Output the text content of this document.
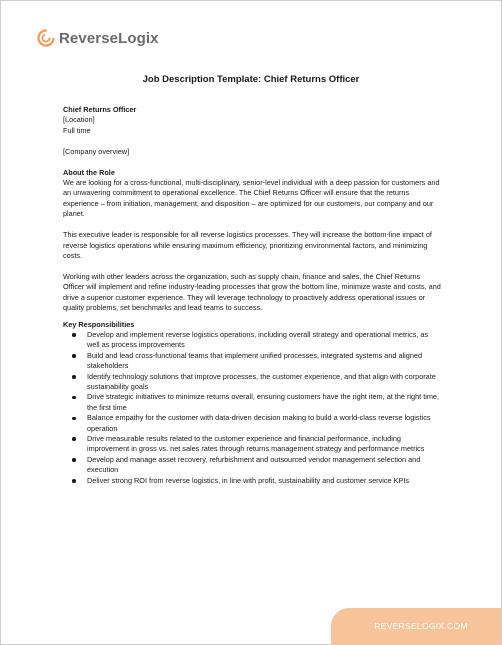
ReverseLogix
Job Description Template: Chief Returns Officer

Chief Returns Officer

[Location]

Full time

[Company overview]

About the Role

We are looking for a cross-functional, multi-disciplinary, senior-level individual with a deep passion for customers and an unwavering commitment to operational excellence. The Chief Returns Officer will ensure that the returns experience – from initiation, management, and disposition – are optimized for our customers, our company and our planet.

This executive leader is responsible for all reverse logistics processes. They will increase the bottom-line impact of reverse logistics operations while ensuring maximum efficiency, prioritizing environmental factors, and minimizing costs.

Working with other leaders across the organization, such as supply chain, finance and sales, the Chief Returns Officer will implement and refine industry-leading processes that grow the bottom line, minimize waste and costs, and drive a superior customer experience. They will leverage technology to proactively address operational issues or quality problems, set benchmarks and lead teams to success.

Key Responsibilities

Develop and implement reverse logistics operations, including overall strategy and operational metrics, as well as process improvements
Build and lead cross-functional teams that implement unified processes, integrated systems and aligned stakeholders
Identify technology solutions that improve processes, the customer experience, and that align with corporate sustainability goals
Drive strategic initiatives to minimize returns overall, ensuring customers have the right item, at the right time, the first time
Balance empathy for the customer with data-driven decision making to build a world-class reverse logistics operation
Drive measurable results related to the customer experience and financial performance, including improvement in gross vs. net sales rates through returns management strategy and performance metrics
Develop and manage asset recovery, refurbishment and outsourced vendor management selection and execution
Deliver strong ROI from reverse logistics, in line with profit, sustainability and customer service KPIs
REVERSELOGIX.COM
